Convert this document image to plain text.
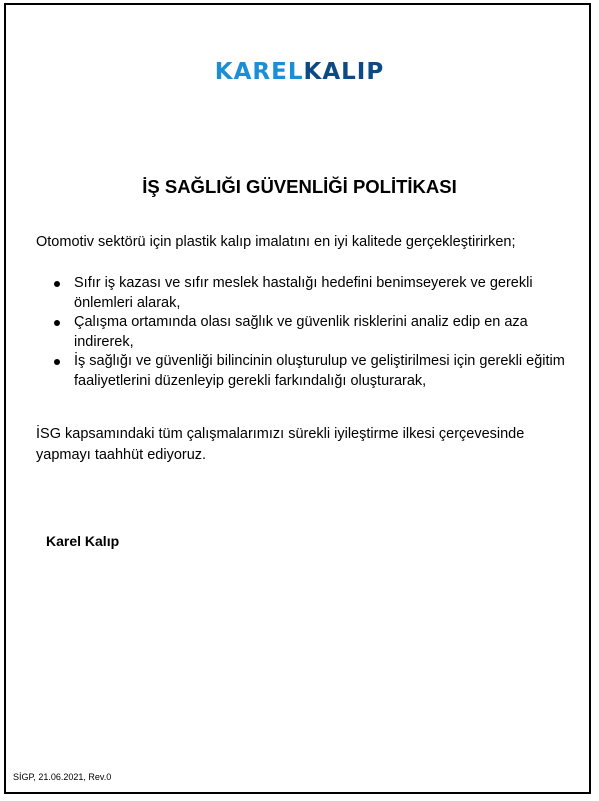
KARELKALIP
İŞ SAĞLIĞI GÜVENLİĞİ POLİTİKASI
Otomotiv sektörü için plastik kalıp imalatını en iyi kalitede gerçekleştirirken;
Sıfır iş kazası ve sıfır meslek hastalığı hedefini benimseyerek ve gerekli önlemleri alarak,
Çalışma ortamında olası sağlık ve güvenlik risklerini analiz edip en aza indirerek,
İş sağlığı ve güvenliği bilincinin oluşturulup ve geliştirilmesi için gerekli eğitim faaliyetlerini düzenleyip gerekli farkındalığı oluşturarak,
İSG kapsamındaki tüm çalışmalarımızı sürekli iyileştirme ilkesi çerçevesinde yapmayı taahhüt ediyoruz.
Karel Kalıp
SİGP, 21.06.2021, Rev.0
